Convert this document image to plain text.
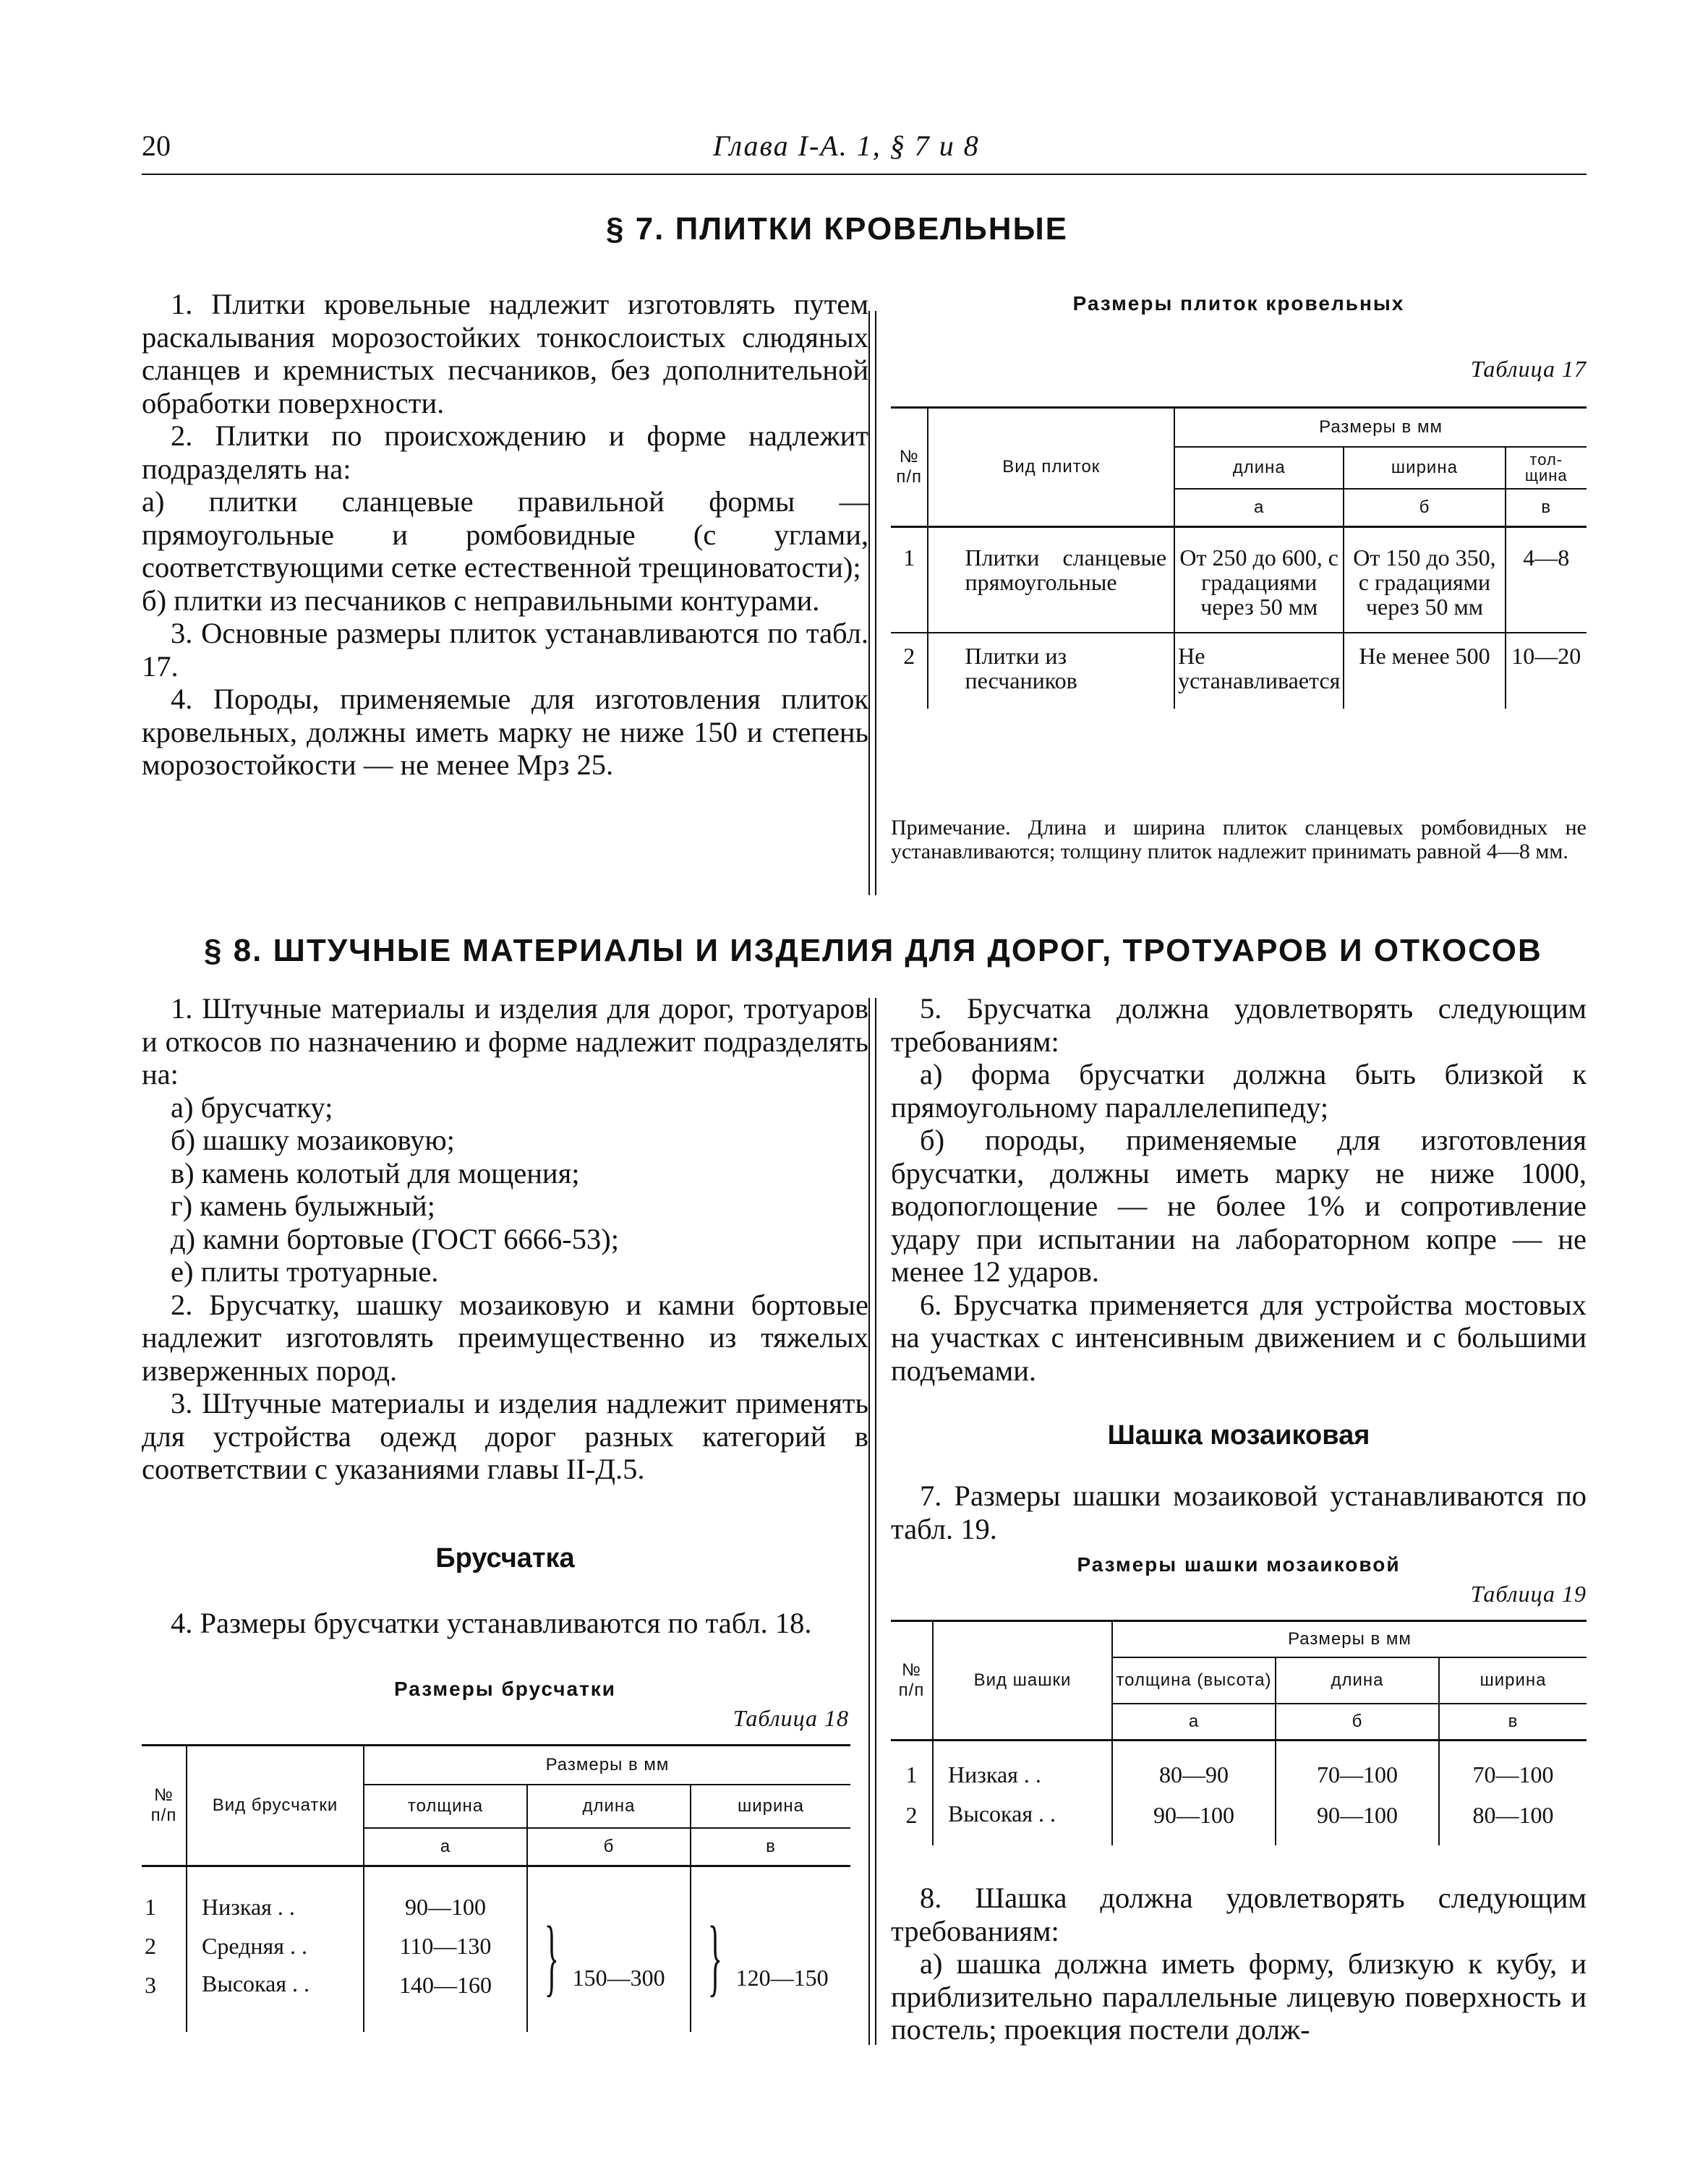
20	Глава I-А. 1, § 7 и 8
§ 7. ПЛИТКИ КРОВЕЛЬНЫЕ

1. Плитки кровельные надлежит изготовлять путем раскалывания морозостойких тонкослоистых слюдяных сланцев и кремнистых песчаников, без дополнительной обработки поверхности.

2. Плитки по происхождению и форме надлежит подразделять на:

а) плитки сланцевые правильной формы — прямоугольные и ромбовидные (с углами, соответствующими сетке естественной трещиноватости);

б) плитки из песчаников с неправильными контурами.

3. Основные размеры плиток устанавливаются по табл. 17.

4. Породы, применяемые для изготовления плиток кровельных, должны иметь марку не ниже 150 и степень морозостойкости — не менее Мрз 25.

Размеры плиток кровельных
Таблица 17
№ п/п	Вид плиток	Размеры в мм		
		длина	ширина	тол-щина
		а	б	в
1	Плитки сланцевые прямоугольные	От 250 до 600, с градациями через 50 мм	От 150 до 350, с градациями через 50 мм	4—8
2	Плитки из песчаников	Не устанавливается	Не менее 500	10—20
Примечание. Длина и ширина плиток сланцевых ромбовидных не устанавливаются; толщину плиток надлежит принимать равной 4—8 мм.
§ 8. ШТУЧНЫЕ МАТЕРИАЛЫ И ИЗДЕЛИЯ ДЛЯ ДОРОГ, ТРОТУАРОВ И ОТКОСОВ

1. Штучные материалы и изделия для дорог, тротуаров и откосов по назначению и форме надлежит подразделять на:

а) брусчатку;

б) шашку мозаиковую;

в) камень колотый для мощения;

г) камень булыжный;

д) камни бортовые (ГОСТ 6666-53);

е) плиты тротуарные.

2. Брусчатку, шашку мозаиковую и камни бортовые надлежит изготовлять преимущественно из тяжелых изверженных пород.

3. Штучные материалы и изделия надлежит применять для устройства одежд дорог разных категорий в соответствии с указаниями главы II-Д.5.

Брусчатка

4. Размеры брусчатки устанавливаются по табл. 18.

Размеры брусчатки
Таблица 18
№ п/п	Вид брусчатки	Размеры в мм		
		толщина	длина	ширина
		а	б	в
1	Низкая . .	90—100	} 150—300	} 120—150
2	Средняя . .	110—130		
3	Высокая . .	140—160		

5. Брусчатка должна удовлетворять следующим требованиям:

а) форма брусчатки должна быть близкой к прямоугольному параллелепипеду;

б) породы, применяемые для изготовления брусчатки, должны иметь марку не ниже 1000, водопоглощение — не более 1% и сопротивление удару при испытании на лабораторном копре — не менее 12 ударов.

6. Брусчатка применяется для устройства мостовых на участках с интенсивным движением и с большими подъемами.

Шашка мозаиковая

7. Размеры шашки мозаиковой устанавливаются по табл. 19.

Размеры шашки мозаиковой
Таблица 19
№ п/п	Вид шашки	Размеры в мм		
		толщина (высота)	длина	ширина
		а	б	в
1	Низкая . .	80—90	70—100	70—100
2	Высокая . .	90—100	90—100	80—100

8. Шашка должна удовлетворять следующим требованиям:

а) шашка должна иметь форму, близкую к кубу, и приблизительно параллельные лицевую поверхность и постель; проекция постели долж-
